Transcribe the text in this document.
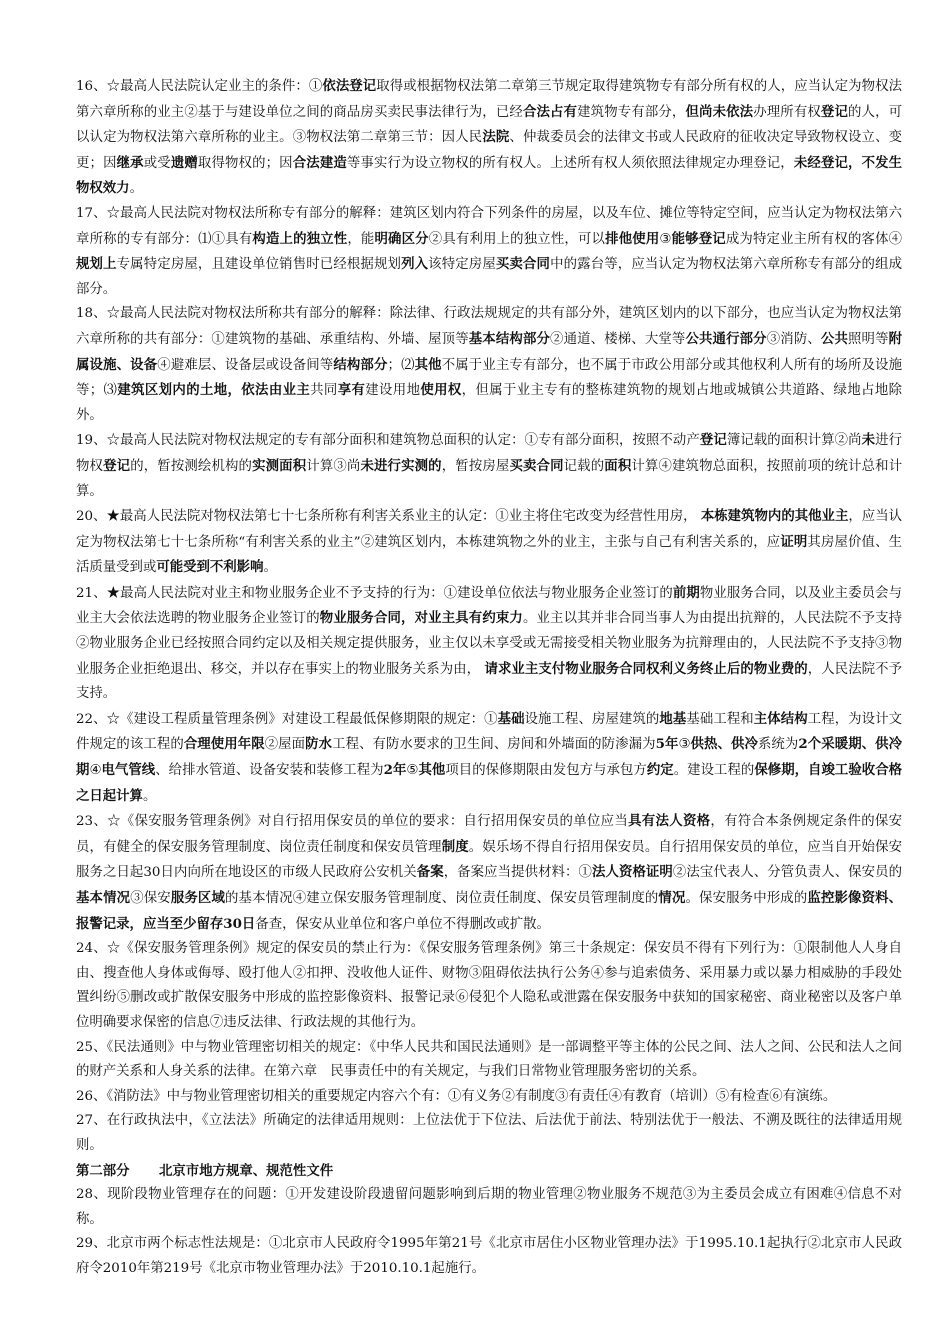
16、☆最高人民法院认定业主的条件：①依法登记取得或根据物权法第二章第三节规定取得建筑物专有部分所有权的人，应当认定为物权法第六章所称的业主②基于与建设单位之间的商品房买卖民事法律行为，已经合法占有建筑物专有部分，但尚未依法办理所有权登记的人，可以认定为物权法第六章所称的业主。③物权法第二章第三节：因人民法院、仲裁委员会的法律文书或人民政府的征收决定导致物权设立、变更；因继承或受遗赠取得物权的；因合法建造等事实行为设立物权的所有权人。上述所有权人须依照法律规定办理登记，未经登记，不发生物权效力。

17、☆最高人民法院对物权法所称专有部分的解释：建筑区划内符合下列条件的房屋，以及车位、摊位等特定空间，应当认定为物权法第六章所称的专有部分：⑴①具有构造上的独立性，能明确区分②具有利用上的独立性，可以排他使用③能够登记成为特定业主所有权的客体④规划上专属特定房屋，且建设单位销售时已经根据规划列入该特定房屋买卖合同中的露台等，应当认定为物权法第六章所称专有部分的组成部分。

18、☆最高人民法院对物权法所称共有部分的解释：除法律、行政法规规定的共有部分外，建筑区划内的以下部分，也应当认定为物权法第六章所称的共有部分：①建筑物的基础、承重结构、外墙、屋顶等基本结构部分②通道、楼梯、大堂等公共通行部分③消防、公共照明等附属设施、设备④避难层、设备层或设备间等结构部分；⑵其他不属于业主专有部分，也不属于市政公用部分或其他权利人所有的场所及设施等；⑶建筑区划内的土地，依法由业主共同享有建设用地使用权，但属于业主专有的整栋建筑物的规划占地或城镇公共道路、绿地占地除外。

19、☆最高人民法院对物权法规定的专有部分面积和建筑物总面积的认定：①专有部分面积，按照不动产登记簿记载的面积计算②尚未进行物权登记的，暂按测绘机构的实测面积计算③尚未进行实测的，暂按房屋买卖合同记载的面积计算④建筑物总面积，按照前项的统计总和计算。

20、★最高人民法院对物权法第七十七条所称有利害关系业主的认定：①业主将住宅改变为经营性用房， 本栋建筑物内的其他业主，应当认定为物权法第七十七条所称“有利害关系的业主”②建筑区划内，本栋建筑物之外的业主，主张与自己有利害关系的，应证明其房屋价值、生活质量受到或可能受到不利影响。

21、★最高人民法院对业主和物业服务企业不予支持的行为：①建设单位依法与物业服务企业签订的前期物业服务合同，以及业主委员会与业主大会依法选聘的物业服务企业签订的物业服务合同，对业主具有约束力。业主以其并非合同当事人为由提出抗辩的，人民法院不予支持②物业服务企业已经按照合同约定以及相关规定提供服务，业主仅以未享受或无需接受相关物业服务为抗辩理由的，人民法院不予支持③物业服务企业拒绝退出、移交，并以存在事实上的物业服务关系为由， 请求业主支付物业服务合同权利义务终止后的物业费的，人民法院不予支持。

22、☆《建设工程质量管理条例》对建设工程最低保修期限的规定：①基础设施工程、房屋建筑的地基基础工程和主体结构工程，为设计文件规定的该工程的合理使用年限②屋面防水工程、有防水要求的卫生间、房间和外墙面的防渗漏为5年③供热、供冷系统为2个采暖期、供冷期④电气管线、给排水管道、设备安装和装修工程为2年⑤其他项目的保修期限由发包方与承包方约定。建设工程的保修期，自竣工验收合格之日起计算。

23、☆《保安服务管理条例》对自行招用保安员的单位的要求：自行招用保安员的单位应当具有法人资格，有符合本条例规定条件的保安员，有健全的保安服务管理制度、岗位责任制度和保安员管理制度。娱乐场不得自行招用保安员。自行招用保安员的单位，应当自开始保安服务之日起30日内向所在地设区的市级人民政府公安机关备案，备案应当提供材料：①法人资格证明②法宝代表人、分管负责人、保安员的基本情况③保安服务区域的基本情况④建立保安服务管理制度、岗位责任制度、保安员管理制度的情况。保安服务中形成的监控影像资料、报警记录，应当至少留存30日备查，保安从业单位和客户单位不得删改或扩散。

24、☆《保安服务管理条例》规定的保安员的禁止行为：《保安服务管理条例》第三十条规定：保安员不得有下列行为：①限制他人人身自由、搜查他人身体或侮辱、殴打他人②扣押、没收他人证件、财物③阻碍依法执行公务④参与追索债务、采用暴力或以暴力相威胁的手段处置纠纷⑤删改或扩散保安服务中形成的监控影像资料、报警记录⑥侵犯个人隐私或泄露在保安服务中获知的国家秘密、商业秘密以及客户单位明确要求保密的信息⑦违反法律、行政法规的其他行为。

25、《民法通则》中与物业管理密切相关的规定：《中华人民共和国民法通则》是一部调整平等主体的公民之间、法人之间、公民和法人之间的财产关系和人身关系的法律。在第六章　民事责任中的有关规定，与我们日常物业管理服务密切的关系。

26、《消防法》中与物业管理密切相关的重要规定内容六个有：①有义务②有制度③有责任④有教育（培训）⑤有检查⑥有演练。

27、在行政执法中，《立法法》所确定的法律适用规则：上位法优于下位法、后法优于前法、特别法优于一般法、不溯及既往的法律适用规则。

第二部分 北京市地方规章、规范性文件

28、现阶段物业管理存在的问题：①开发建设阶段遗留问题影响到后期的物业管理②物业服务不规范③为主委员会成立有困难④信息不对称。

29、北京市两个标志性法规是：①北京市人民政府令1995年第21号《北京市居住小区物业管理办法》于1995.10.1起执行②北京市人民政府令2010年第219号《北京市物业管理办法》于2010.10.1起施行。
